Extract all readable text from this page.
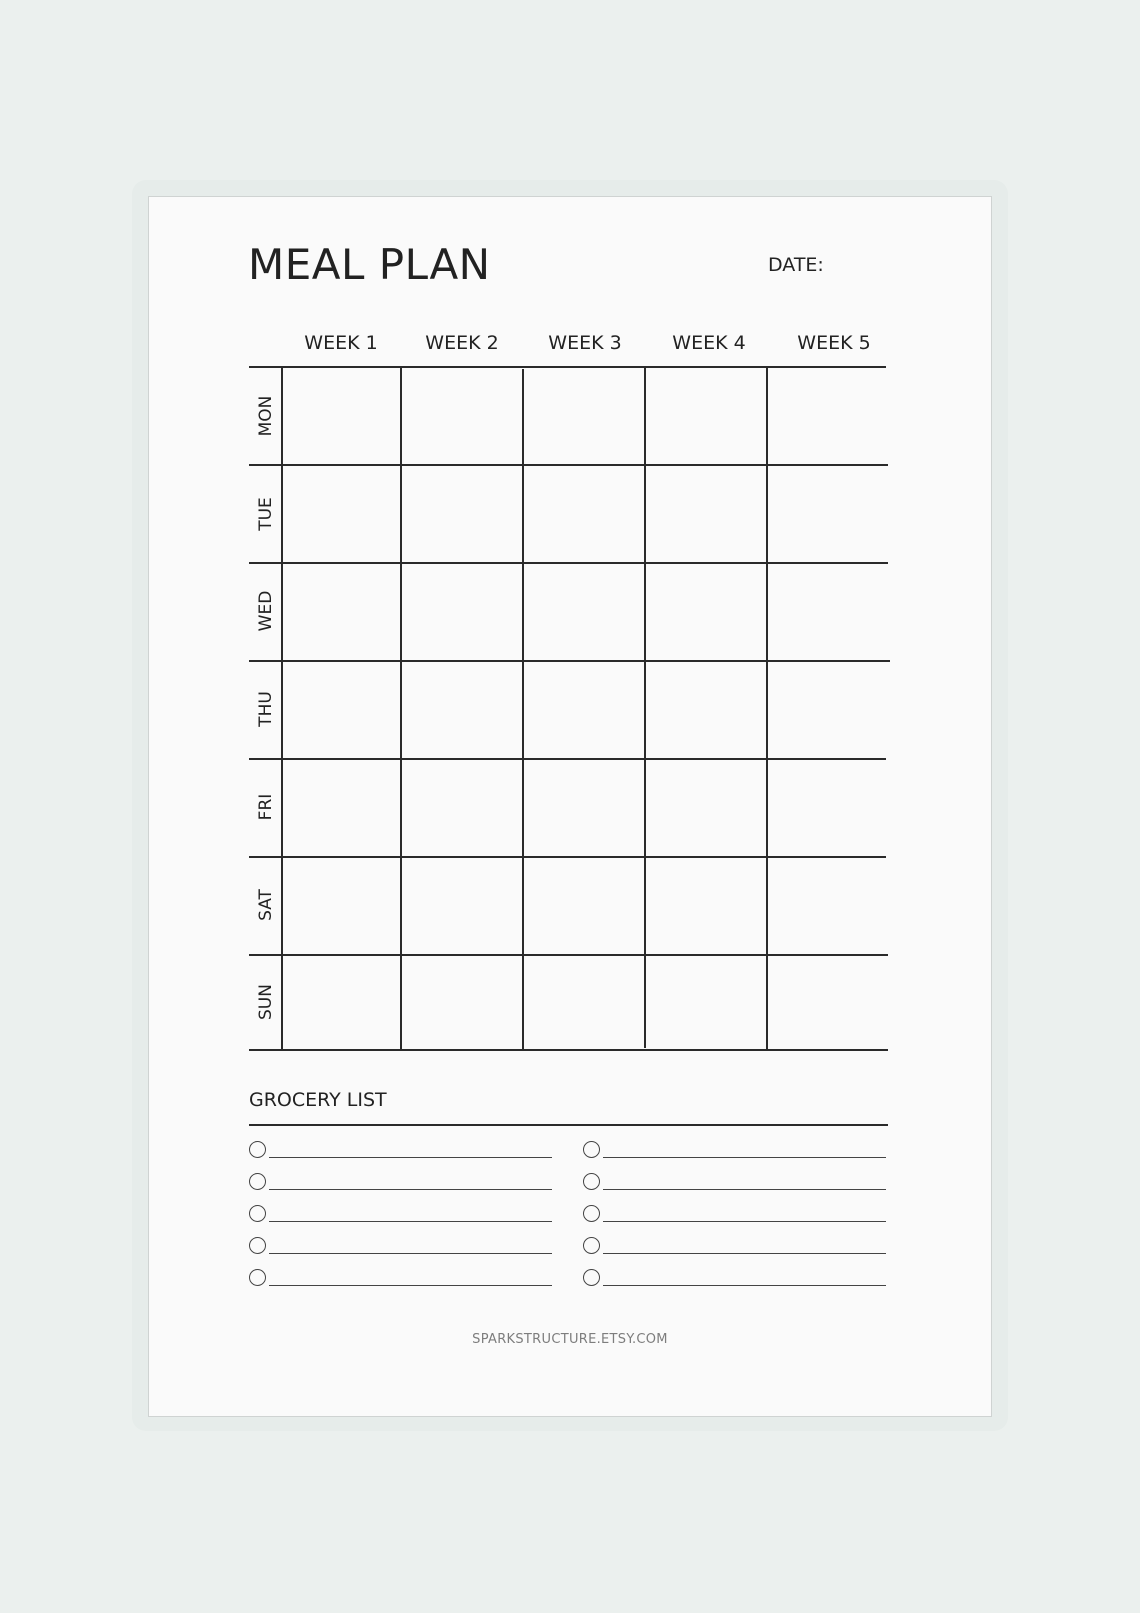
MEAL PLAN	DATE:
WEEK 1	WEEK 2	WEEK 3	WEEK 4	WEEK 5
MON
TUE
WED
THU
FRI
SAT
SUN
GROCERY LIST
SPARKSTRUCTURE.ETSY.COM
